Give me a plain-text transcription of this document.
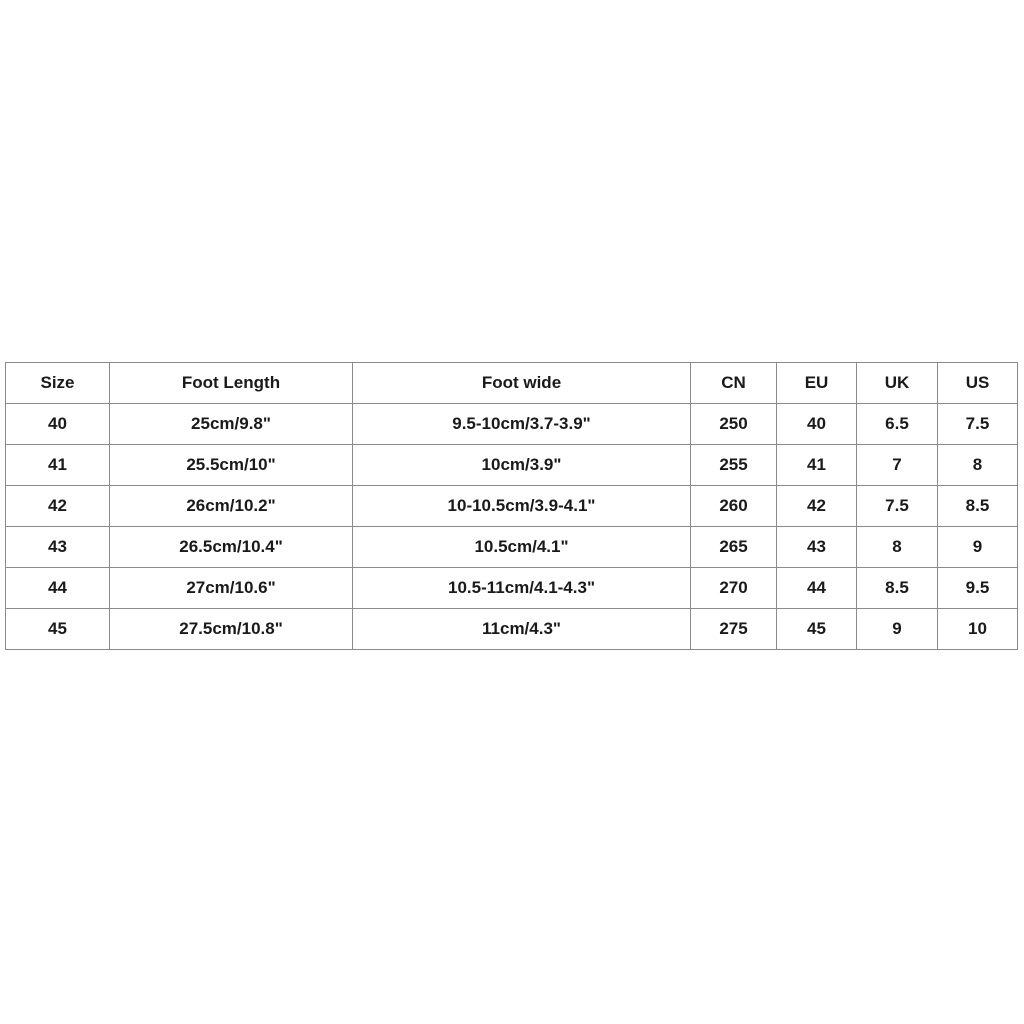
Size	Foot Length	Foot wide	CN	EU	UK	US
40	25cm/9.8"	9.5-10cm/3.7-3.9"	250	40	6.5	7.5
41	25.5cm/10"	10cm/3.9"	255	41	7	8
42	26cm/10.2"	10-10.5cm/3.9-4.1"	260	42	7.5	8.5
43	26.5cm/10.4"	10.5cm/4.1"	265	43	8	9
44	27cm/10.6"	10.5-11cm/4.1-4.3"	270	44	8.5	9.5
45	27.5cm/10.8"	11cm/4.3"	275	45	9	10
